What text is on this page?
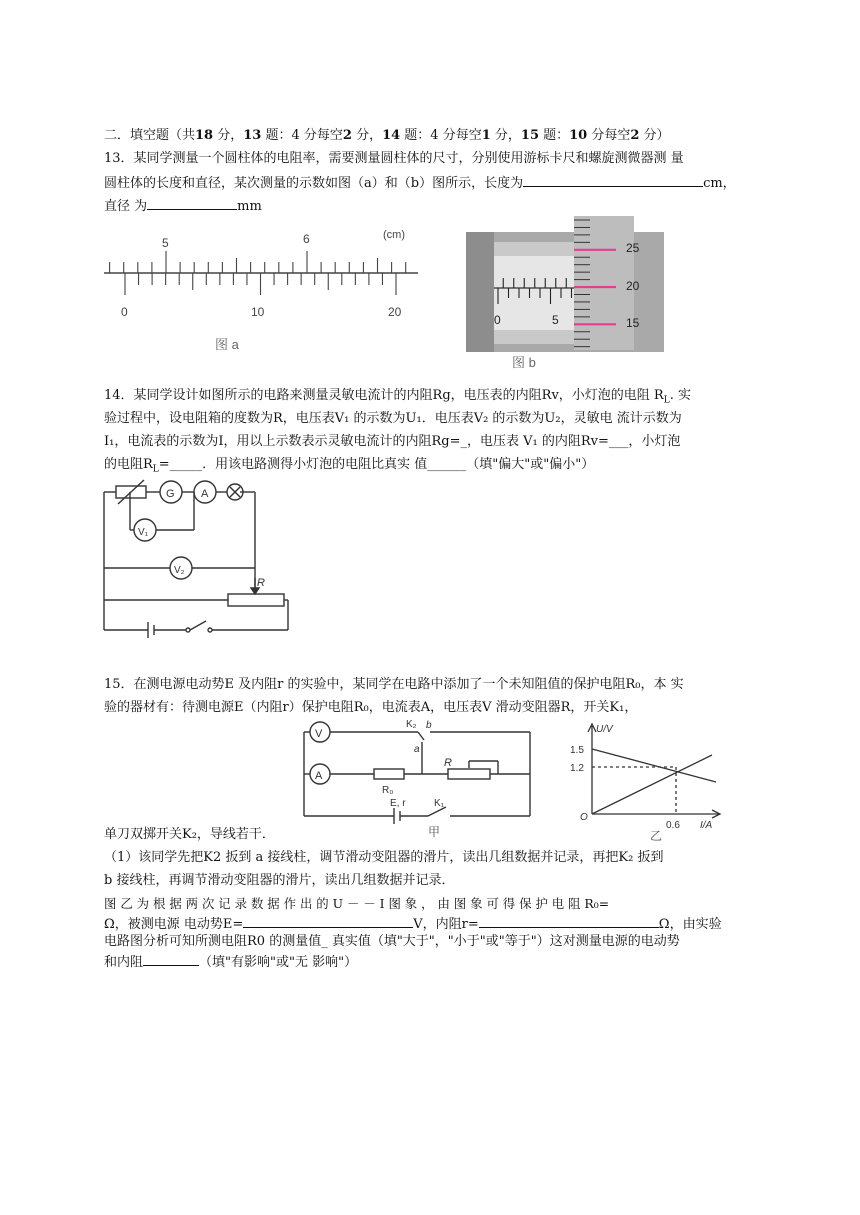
二．填空题（共18 分，13 题：4 分每空2 分，14 题：4 分每空1 分，15 题：10 分每空2 分）
13．某同学测量一个圆柱体的电阻率，需要测量圆柱体的尺寸，分别使用游标卡尺和螺旋测微器测 量
圆柱体的长度和直径，某次测量的示数如图（a）和（b）图所示，长度为	cm，
直径 为	mm
5	6	(cm)
0	10	20
图 a
0	5
25
20
15
图 b
14．某同学设计如图所示的电路来测量灵敏电流计的内阻Rg，电压表的内阻Rv，小灯泡的电阻 $R_L$. 实
验过程中，设电阻箱的度数为R，电压表V₁ 的示数为U₁．电压表V₂ 的示数为U₂，灵敏电 流计示数为
I₁，电流表的示数为I，用以上示数表示灵敏电流计的内阻Rg=_，电压表 V₁ 的内阻Rv=___，小灯泡
的电阻$R_L=\_\_\_\_\_$．用该电路测得小灯泡的电阻比真实 值______（填"偏大"或"偏小"）
G A
V₁
V₂
R
15．在测电源电动势E 及内阻r 的实验中，某同学在电路中添加了一个未知阻值的保护电阻R₀，本 实
验的器材有：待测电源E（内阻r）保护电阻R₀，电流表A，电压表V 滑动变阻器R，开关K₁，
V
K₂ b
a
A
R₀
R
E, r	K₁
甲
U/V
I/A
O
1.5
1.2
0.6
乙
单刀双掷开关K₂，导线若干．
（1）该同学先把K2 扳到 a 接线柱，调节滑动变阻器的滑片，读出几组数据并记录，再把K₂ 扳到
b 接线柱，再调节滑动变阻器的滑片，读出几组数据并记录．
图 乙 为 根 据 两 次 记 录 数 据 作 出 的 U － － I 图 象 ， 由 图 象 可 得 保 护 电 阻 R₀=
Ω，被测电源 电动势E=	V，内阻r=	Ω，由实验
电路图分析可知所测电阻R0 的测量值_ 真实值（填"大于"，"小于"或"等于"）这对测量电源的电动势
和内阻	（填"有影响"或"无 影响"）
